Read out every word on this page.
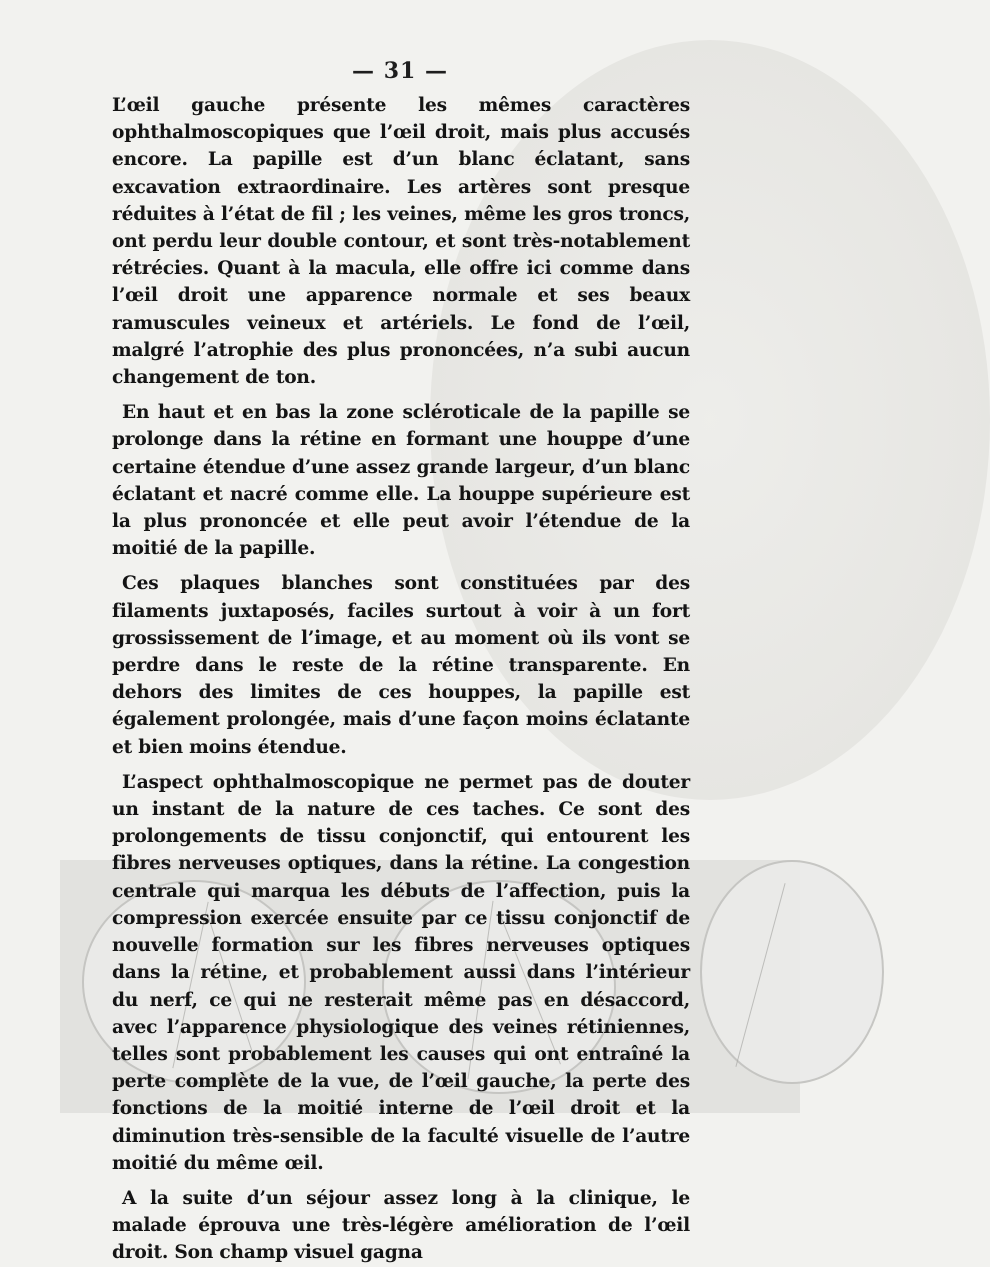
— 31 —

L’œil gauche présente les mêmes caractères ophthalmoscopiques que l’œil droit, mais plus accusés encore. La papille est d’un blanc éclatant, sans excavation extraordinaire. Les artères sont presque réduites à l’état de fil ; les veines, même les gros troncs, ont perdu leur double contour, et sont très-notablement rétrécies. Quant à la macula, elle offre ici comme dans l’œil droit une apparence normale et ses beaux ramuscules veineux et artériels. Le fond de l’œil, malgré l’atrophie des plus prononcées, n’a subi aucun changement de ton.

En haut et en bas la zone scléroticale de la papille se prolonge dans la rétine en formant une houppe d’une certaine étendue d’une assez grande largeur, d’un blanc éclatant et nacré comme elle. La houppe supérieure est la plus prononcée et elle peut avoir l’étendue de la moitié de la papille.

Ces plaques blanches sont constituées par des filaments juxtaposés, faciles surtout à voir à un fort grossissement de l’image, et au moment où ils vont se perdre dans le reste de la rétine transparente. En dehors des limites de ces houppes, la papille est également prolongée, mais d’une façon moins éclatante et bien moins étendue.

L’aspect ophthalmoscopique ne permet pas de douter un instant de la nature de ces taches. Ce sont des prolongements de tissu conjonctif, qui entourent les fibres nerveuses optiques, dans la rétine. La congestion centrale qui marqua les débuts de l’affection, puis la compression exercée ensuite par ce tissu conjonctif de nouvelle formation sur les fibres nerveuses optiques dans la rétine, et probablement aussi dans l’intérieur du nerf, ce qui ne resterait même pas en désaccord, avec l’apparence physiologique des veines rétiniennes, telles sont probablement les causes qui ont entraîné la perte complète de la vue, de l’œil gauche, la perte des fonctions de la moitié interne de l’œil droit et la diminution très-sensible de la faculté visuelle de l’autre moitié du même œil.

A la suite d’un séjour assez long à la clinique, le malade éprouva une très-légère amélioration de l’œil droit. Son champ visuel gagna
